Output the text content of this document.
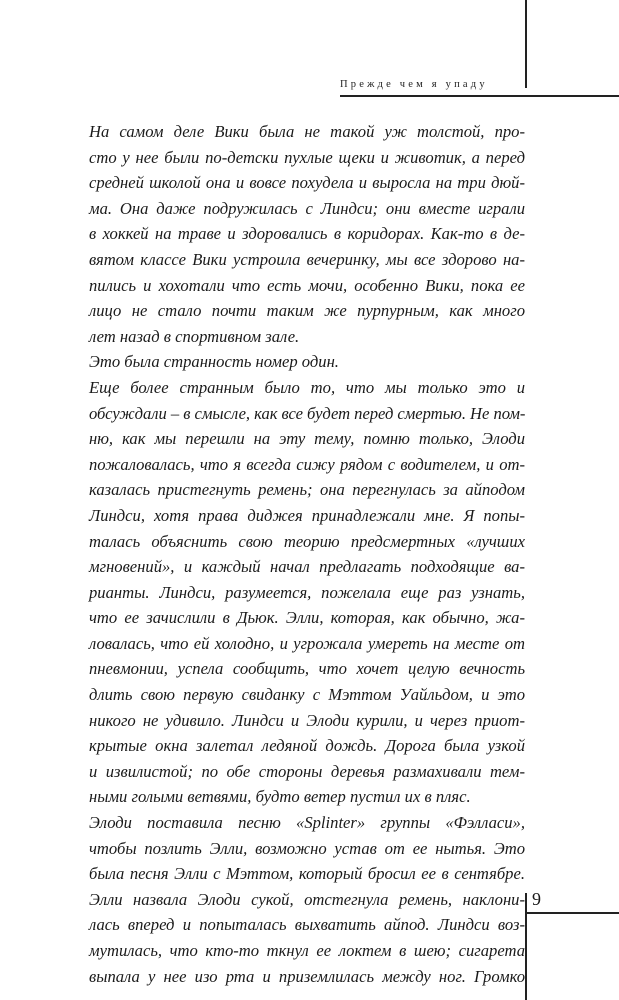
Прежде чем я упаду
На самом деле Вики была не такой уж толстой, про-
сто у нее были по-детски пухлые щеки и животик, а перед
средней школой она и вовсе похудела и выросла на три дюй-
ма. Она даже подружилась с Линдси; они вместе играли
в хоккей на траве и здоровались в коридорах. Как-то в де-
вятом классе Вики устроила вечеринку, мы все здорово на-
пились и хохотали что есть мочи, особенно Вики, пока ее
лицо не стало почти таким же пурпурным, как много
лет назад в спортивном зале.
Это была странность номер один.
Еще более странным было то, что мы только это и
обсуждали – в смысле, как все будет перед смертью. Не пом-
ню, как мы перешли на эту тему, помню только, Элоди
пожаловалась, что я всегда сижу рядом с водителем, и от-
казалась пристегнуть ремень; она перегнулась за айподом
Линдси, хотя права диджея принадлежали мне. Я попы-
талась объяснить свою теорию предсмертных «лучших
мгновений», и каждый начал предлагать подходящие ва-
рианты. Линдси, разумеется, пожелала еще раз узнать,
что ее зачислили в Дьюк. Элли, которая, как обычно, жа-
ловалась, что ей холодно, и угрожала умереть на месте от
пневмонии, успела сообщить, что хочет целую вечность
длить свою первую свиданку с Мэттом Уайльдом, и это
никого не удивило. Линдси и Элоди курили, и через приот-
крытые окна залетал ледяной дождь. Дорога была узкой
и извилистой; по обе стороны деревья размахивали тем-
ными голыми ветвями, будто ветер пустил их в пляс.
Элоди поставила песню «Splinter» группы «Фэлласи»,
чтобы позлить Элли, возможно устав от ее нытья. Это
была песня Элли с Мэттом, который бросил ее в сентябре.
Элли назвала Элоди сукой, отстегнула ремень, наклони-
лась вперед и попыталась выхватить айпод. Линдси воз-
мутилась, что кто-то ткнул ее локтем в шею; сигарета
выпала у нее изо рта и приземлилась между ног. Громко
9
